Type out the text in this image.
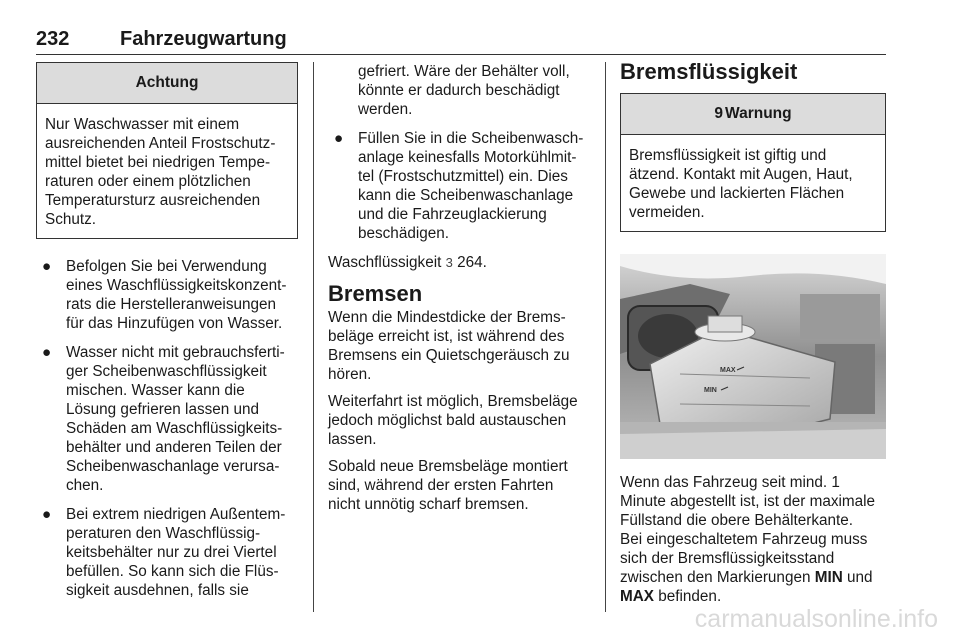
232	Fahrzeugwartung
Achtung
Nur Waschwasser mit einem
ausreichenden Anteil Frostschutz-
mittel bietet bei niedrigen Tempe-
raturen oder einem plötzlichen
Temperatursturz ausreichenden
Schutz.
● Befolgen Sie bei Verwendung
eines Waschflüssigkeitskonzent-
rats die Herstelleranweisungen
für das Hinzufügen von Wasser.
● Wasser nicht mit gebrauchsferti-
ger Scheibenwaschflüssigkeit
mischen. Wasser kann die
Lösung gefrieren lassen und
Schäden am Waschflüssigkeits-
behälter und anderen Teilen der
Scheibenwaschanlage verursa-
chen.
● Bei extrem niedrigen Außentem-
peraturen den Waschflüssig-
keitsbehälter nur zu drei Viertel
befüllen. So kann sich die Flüs-
sigkeit ausdehnen, falls sie
gefriert. Wäre der Behälter voll,
könnte er dadurch beschädigt
werden.
● Füllen Sie in die Scheibenwasch-
anlage keinesfalls Motorkühlmit-
tel (Frostschutzmittel) ein. Dies
kann die Scheibenwaschanlage
und die Fahrzeuglackierung
beschädigen.
Waschflüssigkeit 3 264.
Bremsen
Wenn die Mindestdicke der Brems-
beläge erreicht ist, ist während des
Bremsens ein Quietschgeräusch zu
hören.
Weiterfahrt ist möglich, Bremsbeläge
jedoch möglichst bald austauschen
lassen.
Sobald neue Bremsbeläge montiert
sind, während der ersten Fahrten
nicht unnötig scharf bremsen.
Bremsflüssigkeit
9 Warnung
Bremsflüssigkeit ist giftig und
ätzend. Kontakt mit Augen, Haut,
Gewebe und lackierten Flächen
vermeiden.
MAX
MIN
Wenn das Fahrzeug seit mind. 1
Minute abgestellt ist, ist der maximale
Füllstand die obere Behälterkante.
Bei eingeschaltetem Fahrzeug muss
sich der Bremsflüssigkeitsstand
zwischen den Markierungen MIN und
MAX befinden.
carmanualsonline.info
